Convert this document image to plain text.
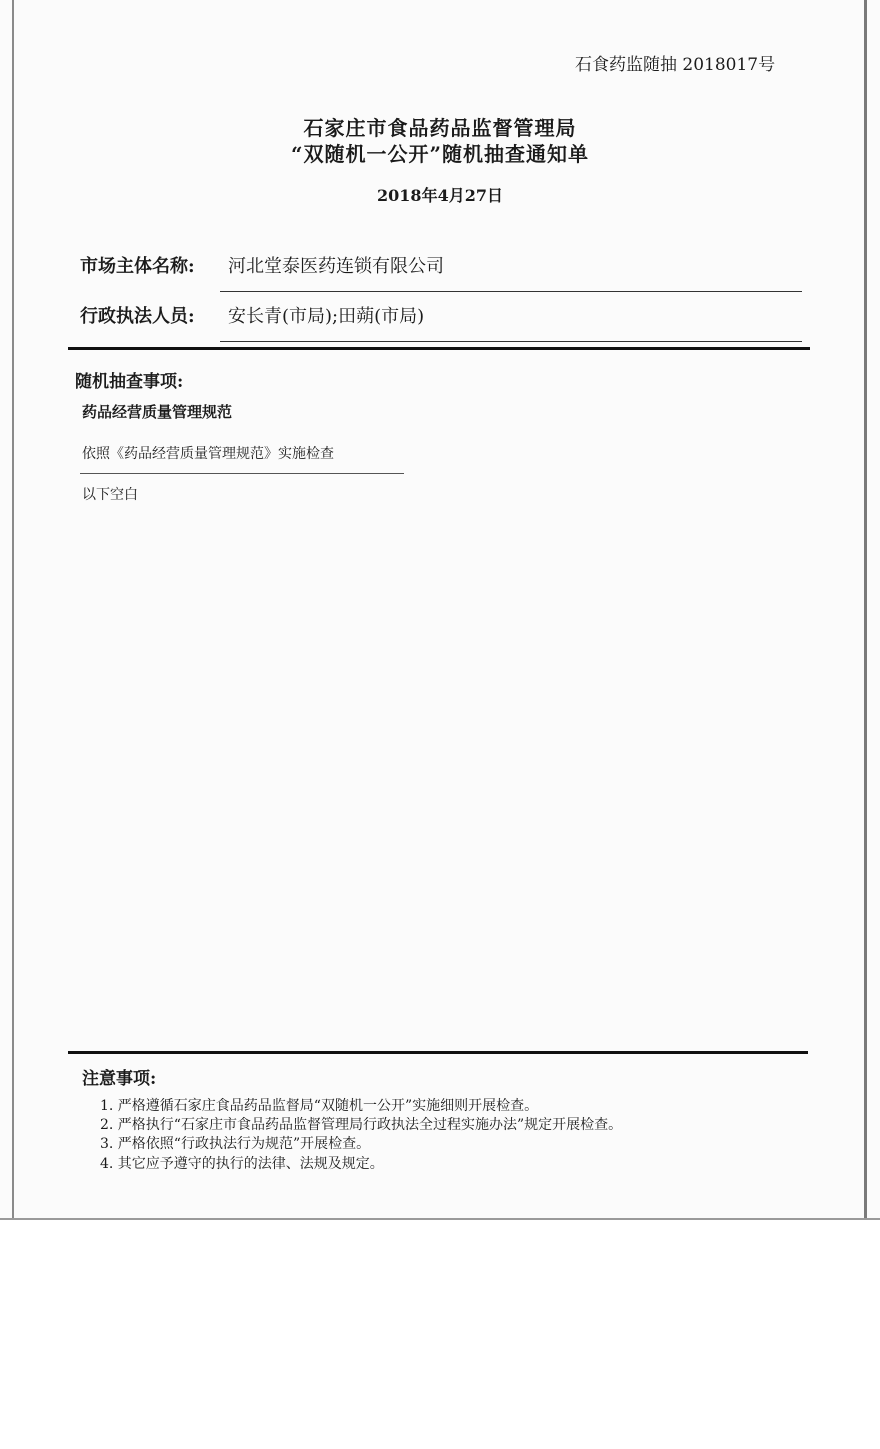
石食药监随抽 2018017号
石家庄市食品药品监督管理局
“双随机一公开”随机抽查通知单
2018年4月27日
市场主体名称: 河北堂泰医药连锁有限公司
行政执法人员: 安长青(市局);田蒴(市局)
随机抽查事项:
药品经营质量管理规范
依照《药品经营质量管理规范》实施检查
以下空白
注意事项:
1. 严格遵循石家庄食品药品监督局“双随机一公开”实施细则开展检查。
2. 严格执行“石家庄市食品药品监督管理局行政执法全过程实施办法”规定开展检查。
3. 严格依照“行政执法行为规范”开展检查。
4. 其它应予遵守的执行的法律、法规及规定。
